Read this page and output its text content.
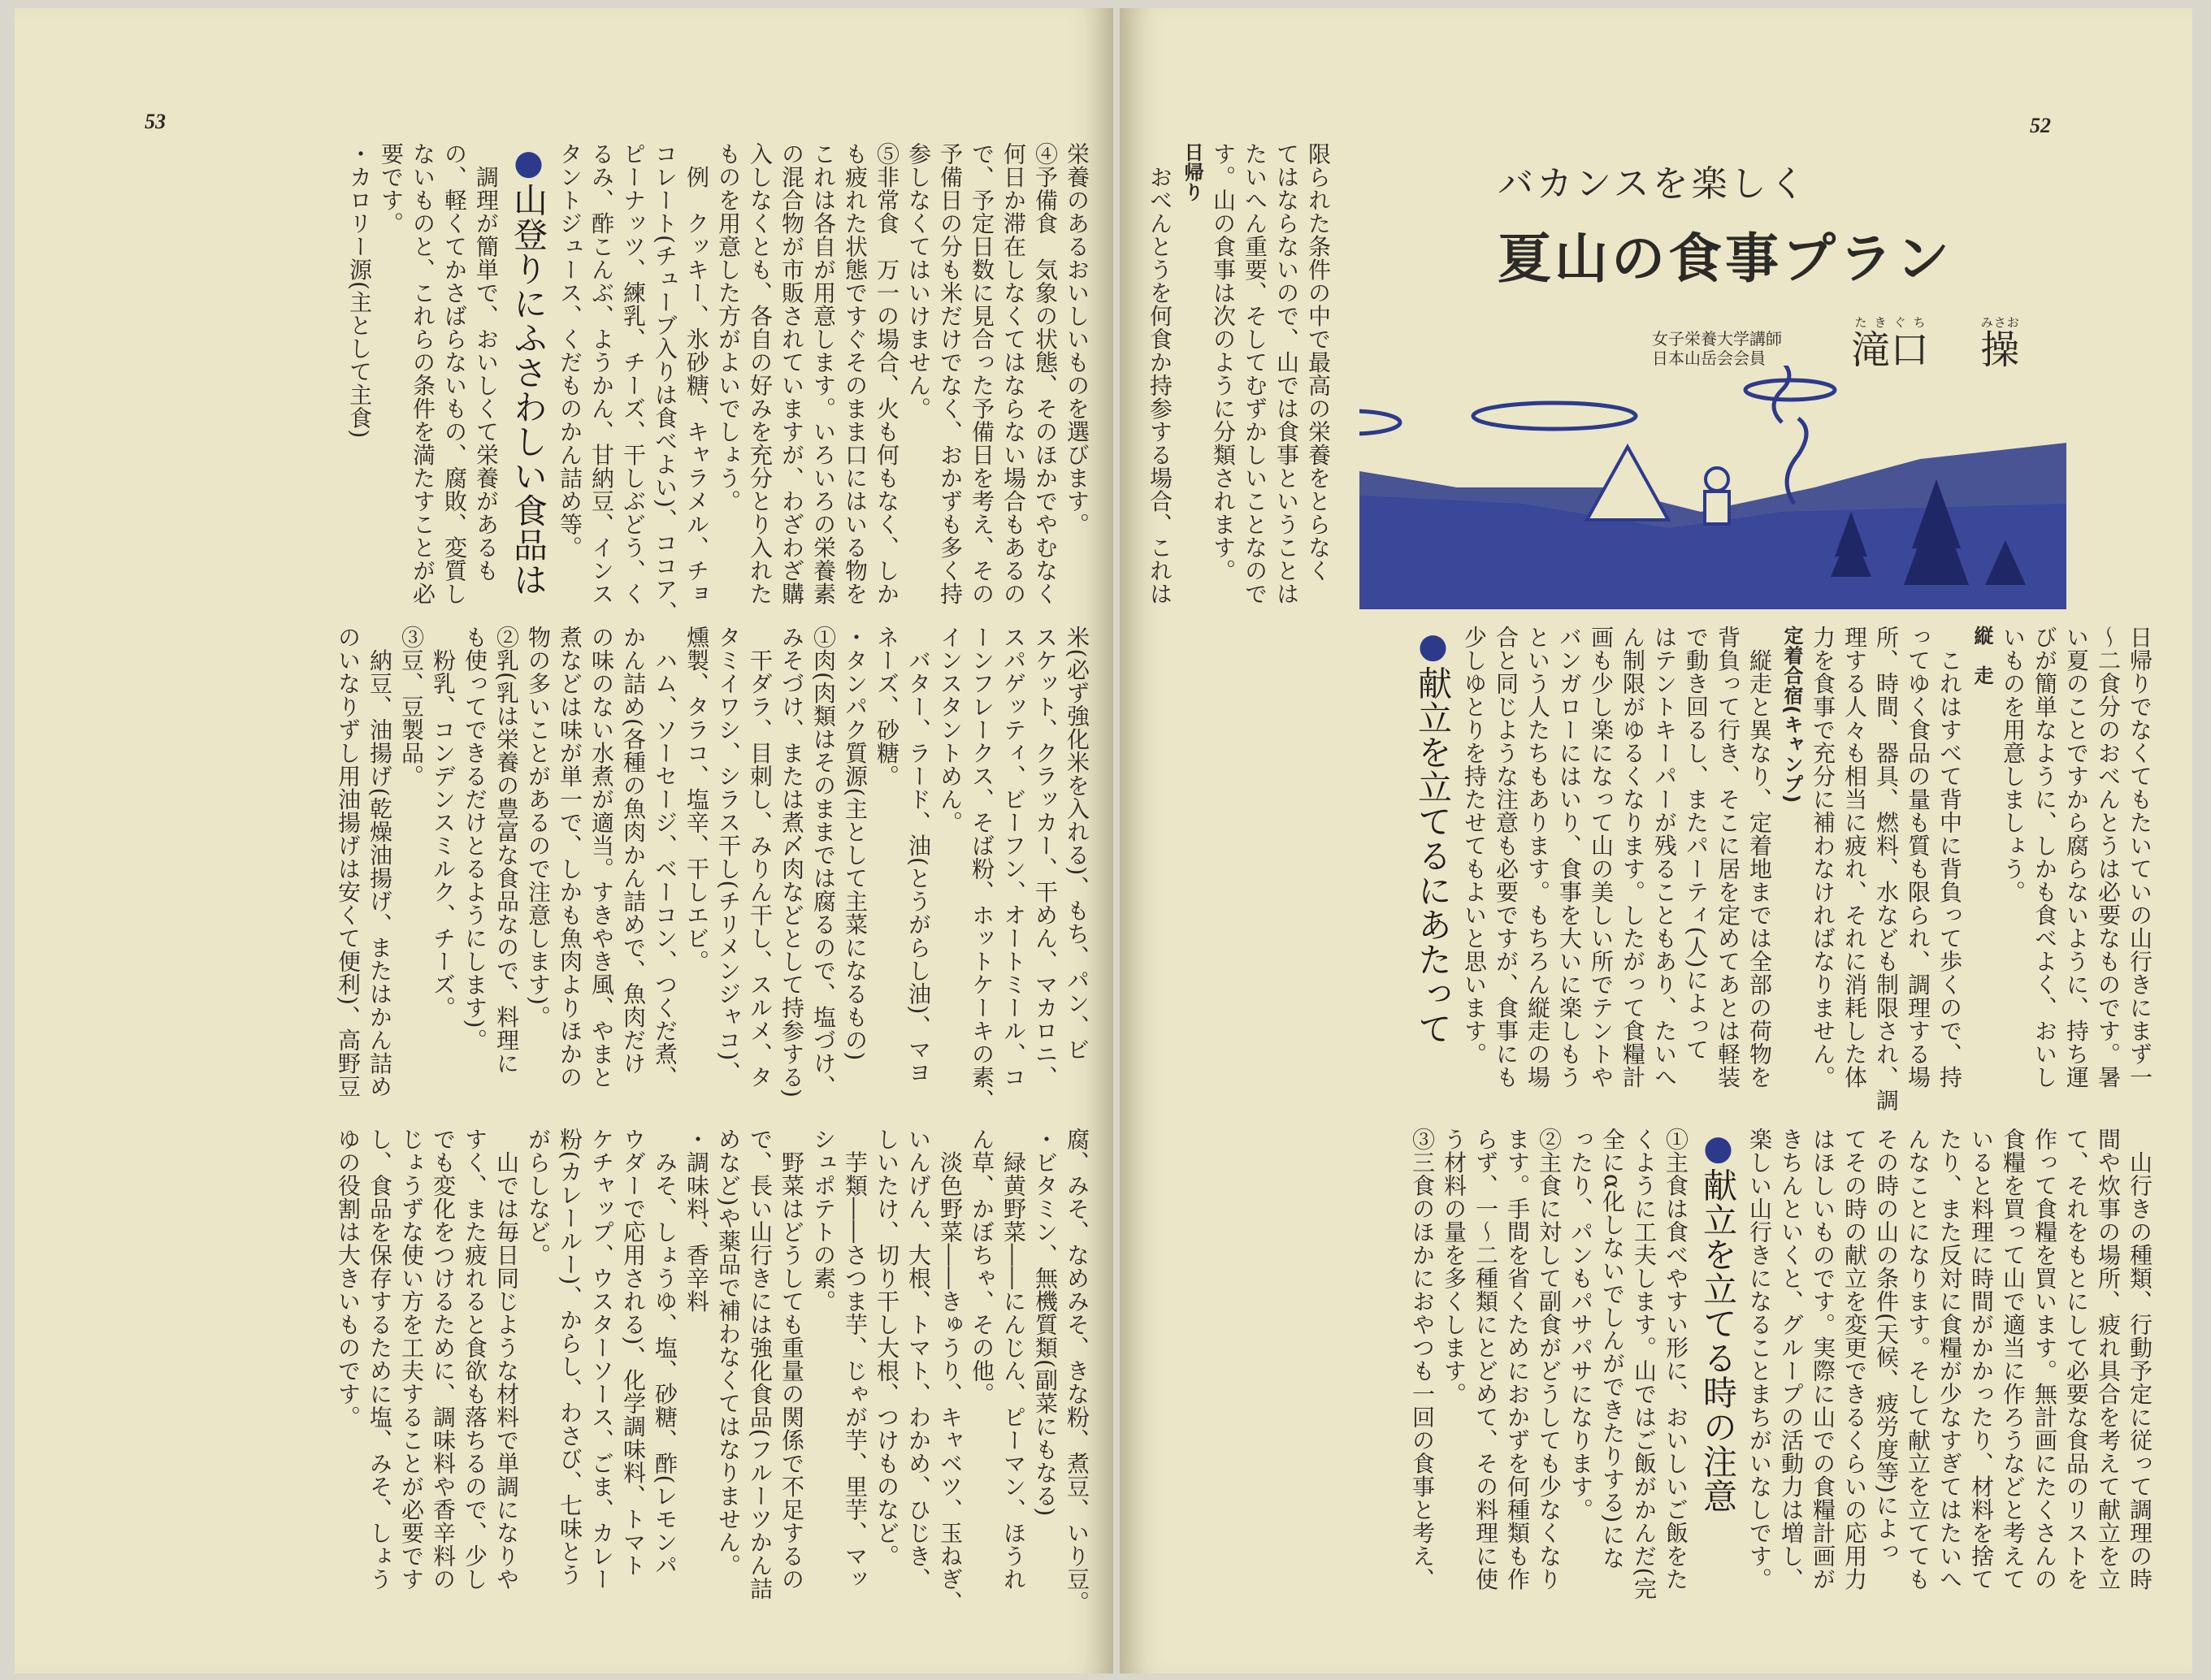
53
栄養のあるおいしいものを選びます。
④予備食　気象の状態、そのほかでやむなく
何日か滞在しなくてはならない場合もあるの
で、予定日数に見合った予備日を考え、その
予備日の分も米だけでなく、おかずも多く持
参しなくてはいけません。
⑤非常食　万一の場合、火も何もなく、しか
も疲れた状態ですぐそのまま口にはいる物を
これは各自が用意します。いろいろの栄養素
の混合物が市販されていますが、わざわざ購
入しなくとも、各自の好みを充分とり入れた
ものを用意した方がよいでしょう。
　例　クッキー、氷砂糖、キャラメル、チョ
コレート(チューブ入りは食べよい)、ココア、
ピーナッツ、練乳、チーズ、干しぶどう、く
るみ、酢こんぶ、ようかん、甘納豆、インス
タントジュース、くだものかん詰め等。
●山登りにふさわしい食品は
　調理が簡単で、おいしくて栄養があるも
の、軽くてかさばらないもの、腐敗、変質し
ないものと、これらの条件を満たすことが必
要です。
・カロリー源(主として主食)
米(必ず強化米を入れる)、もち、パン、ビ
スケット、クラッカー、干めん、マカロニ、
スパゲッティ、ビーフン、オートミール、コ
ーンフレークス、そば粉、ホットケーキの素、
インスタントめん。
　バター、ラード、油(とうがらし油)、マヨ
ネーズ、砂糖。
・タンパク質源(主として主菜になるもの)
①肉(肉類はそのままでは腐るので、塩づけ、
みそづけ、または煮〆肉などとして持参する)
　干ダラ、目刺し、みりん干し、スルメ、タ
タミイワシ、シラス干し(チリメンジャコ)、
燻製、タラコ、塩辛、干しエビ。
　ハム、ソーセージ、ベーコン、つくだ煮、
かん詰め(各種の魚肉かん詰めで、魚肉だけ
の味のない水煮が適当。すきやき風、やまと
煮などは味が単一で、しかも魚肉よりほかの
物の多いことがあるので注意します)。
②乳(乳は栄養の豊富な食品なので、料理に
も使ってできるだけとるようにします)。
　粉乳、コンデンスミルク、チーズ。
③豆、豆製品。
　納豆、油揚げ(乾燥油揚げ、またはかん詰め
のいなりずし用油揚げは安くて便利)、高野豆
腐、みそ、なめみそ、きな粉、煮豆、いり豆。
・ビタミン、無機質類(副菜にもなる)
　緑黄野菜――にんじん、ピーマン、ほうれ
ん草、かぼちゃ、その他。
　淡色野菜――きゅうり、キャベツ、玉ねぎ、
いんげん、大根、トマト、わかめ、ひじき、
しいたけ、切り干し大根、つけものなど。
　芋類――さつま芋、じゃが芋、里芋、マッ
シュポテトの素。
　野菜はどうしても重量の関係で不足するの
で、長い山行きには強化食品(フルーツかん詰
めなど)や薬品で補わなくてはなりません。
・調味料、香辛料
　みそ、しょうゆ、塩、砂糖、酢(レモンパ
ウダーで応用される)、化学調味料、トマト
ケチャップ、ウスターソース、ごま、カレー
粉(カレールー)、からし、わさび、七味とう
がらしなど。
　山では毎日同じような材料で単調になりや
すく、また疲れると食欲も落ちるので、少し
でも変化をつけるために、調味料や香辛料の
じょうずな使い方を工夫することが必要です
し、食品を保存するために塩、みそ、しょう
ゆの役割は大きいものです。
52
バカンスを楽しく
夏山の食事プラン
女子栄養大学講師
日本山岳会会員	滝口たきぐち 　操みさお
限られた条件の中で最高の栄養をとらなく
てはならないので、山では食事ということは
たいへん重要、そしてむずかしいことなので
す。山の食事は次のように分類されます。
日帰り
　おべんとうを何食か持参する場合、これは
日帰りでなくてもたいていの山行きにまず一
～二食分のおべんとうは必要なものです。暑
い夏のことですから腐らないように、持ち運
びが簡単なように、しかも食べよく、おいし
いものを用意しましょう。
縦　走
　これはすべて背中に背負って歩くので、持
ってゆく食品の量も質も限られ、調理する場
所、時間、器具、燃料、水なども制限され、調
理する人々も相当に疲れ、それに消耗した体
力を食事で充分に補わなければなりません。
定着合宿(キャンプ)
　縦走と異なり、定着地までは全部の荷物を
背負って行き、そこに居を定めてあとは軽装
で動き回るし、またパーティ(人)によって
はテントキーパーが残ることもあり、たいへ
ん制限がゆるくなります。したがって食糧計
画も少し楽になって山の美しい所でテントや
バンガローにはいり、食事を大いに楽しもう
という人たちもあります。もちろん縦走の場
合と同じような注意も必要ですが、食事にも
少しゆとりを持たせてもよいと思います。
●献立を立てるにあたって
　山行きの種類、行動予定に従って調理の時
間や炊事の場所、疲れ具合を考えて献立を立
て、それをもとにして必要な食品のリストを
作って食糧を買います。無計画にたくさんの
食糧を買って山で適当に作ろうなどと考えて
いると料理に時間がかかったり、材料を捨て
たり、また反対に食糧が少なすぎてはたいへ
んなことになります。そして献立を立てても
その時の山の条件(天候、疲労度等)によっ
てその時の献立を変更できるくらいの応用力
はほしいものです。実際に山での食糧計画が
きちんといくと、グループの活動力は増し、
楽しい山行きになることまちがいなしです。
●献立を立てる時の注意
①主食は食べやすい形に、おいしいご飯をた
くように工夫します。山ではご飯がかんだ(完
全にα化しないでしんができたりする)にな
ったり、パンもパサパサになります。
②主食に対して副食がどうしても少なくなり
ます。手間を省くためにおかずを何種類も作
らず、一～二種類にとどめて、その料理に使
う材料の量を多くします。
③三食のほかにおやつも一回の食事と考え、
